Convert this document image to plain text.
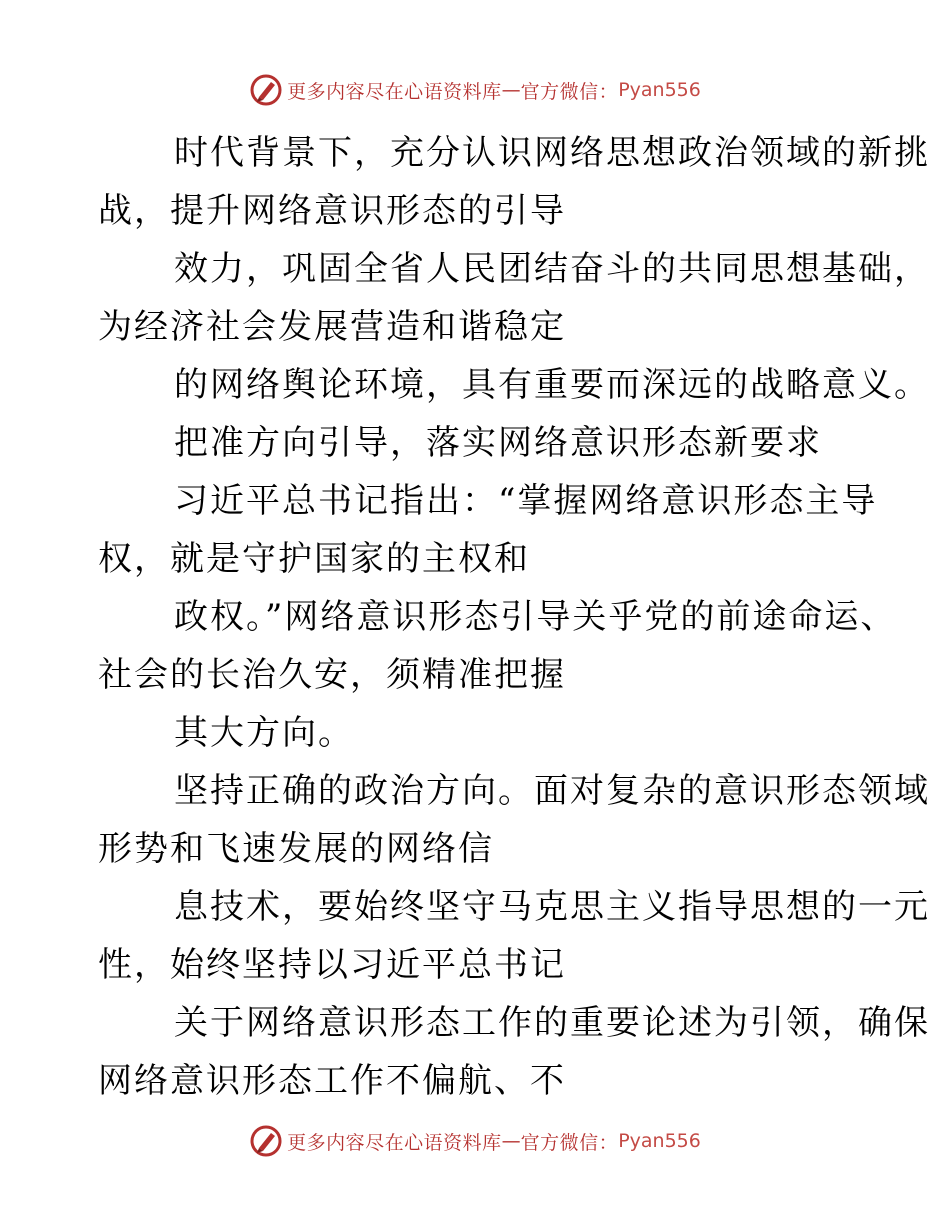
更多内容尽在心语资料库 — 官方微信： Pyan556
时代背景下，充分认识网络思想政治领域的新挑
战，提升网络意识形态的引导
效力，巩固全省人民团结奋斗的共同思想基础，
为经济社会发展营造和谐稳定
的网络舆论环境，具有重要而深远的战略意义。
把准方向引导，落实网络意识形态新要求
习近平总书记指出：“掌握网络意识形态主导
权，就是守护国家的主权和
政权。”网络意识形态引导关乎党的前途命运、
社会的长治久安，须精准把握
其大方向。
坚持正确的政治方向。面对复杂的意识形态领域
形势和飞速发展的网络信
息技术，要始终坚守马克思主义指导思想的一元
性，始终坚持以习近平总书记
关于网络意识形态工作的重要论述为引领，确保
网络意识形态工作不偏航、不
更多内容尽在心语资料库 — 官方微信： Pyan556
